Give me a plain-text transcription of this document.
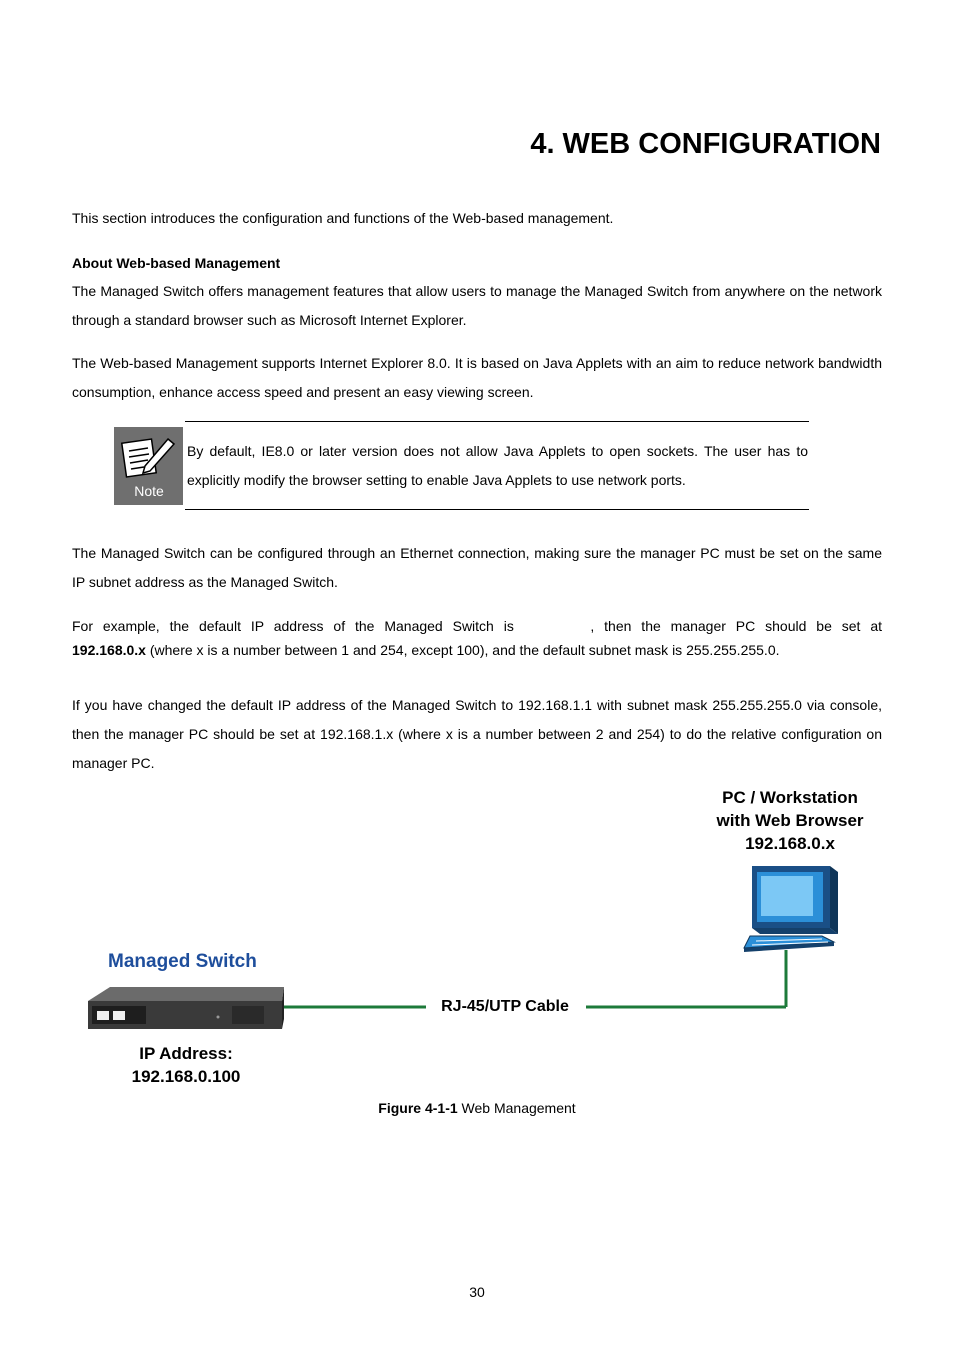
4. WEB CONFIGURATION

This section introduces the configuration and functions of the Web-based management.

About Web-based Management

The Managed Switch offers management features that allow users to manage the Managed Switch from anywhere on the network through a standard browser such as Microsoft Internet Explorer.

The Web-based Management supports Internet Explorer 8.0. It is based on Java Applets with an aim to reduce network bandwidth consumption, enhance access speed and present an easy viewing screen.

Note

By default, IE8.0 or later version does not allow Java Applets to open sockets. The user has to explicitly modify the browser setting to enable Java Applets to use network ports.

The Managed Switch can be configured through an Ethernet connection, making sure the manager PC must be set on the same IP subnet address as the Managed Switch.

For example, the default IP address of the Managed Switch is	, then the manager PC should be set at

192.168.0.x (where x is a number between 1 and 254, except 100), and the default subnet mask is 255.255.255.0.

If you have changed the default IP address of the Managed Switch to 192.168.1.1 with subnet mask 255.255.255.0 via console, then the manager PC should be set at 192.168.1.x (where x is a number between 2 and 254) to do the relative configuration on manager PC.

PC / Workstation

with Web Browser

192.168.0.x

Managed Switch
RJ-45/UTP Cable

IP Address:

192.168.0.100

Figure 4-1-1 Web Management

30
